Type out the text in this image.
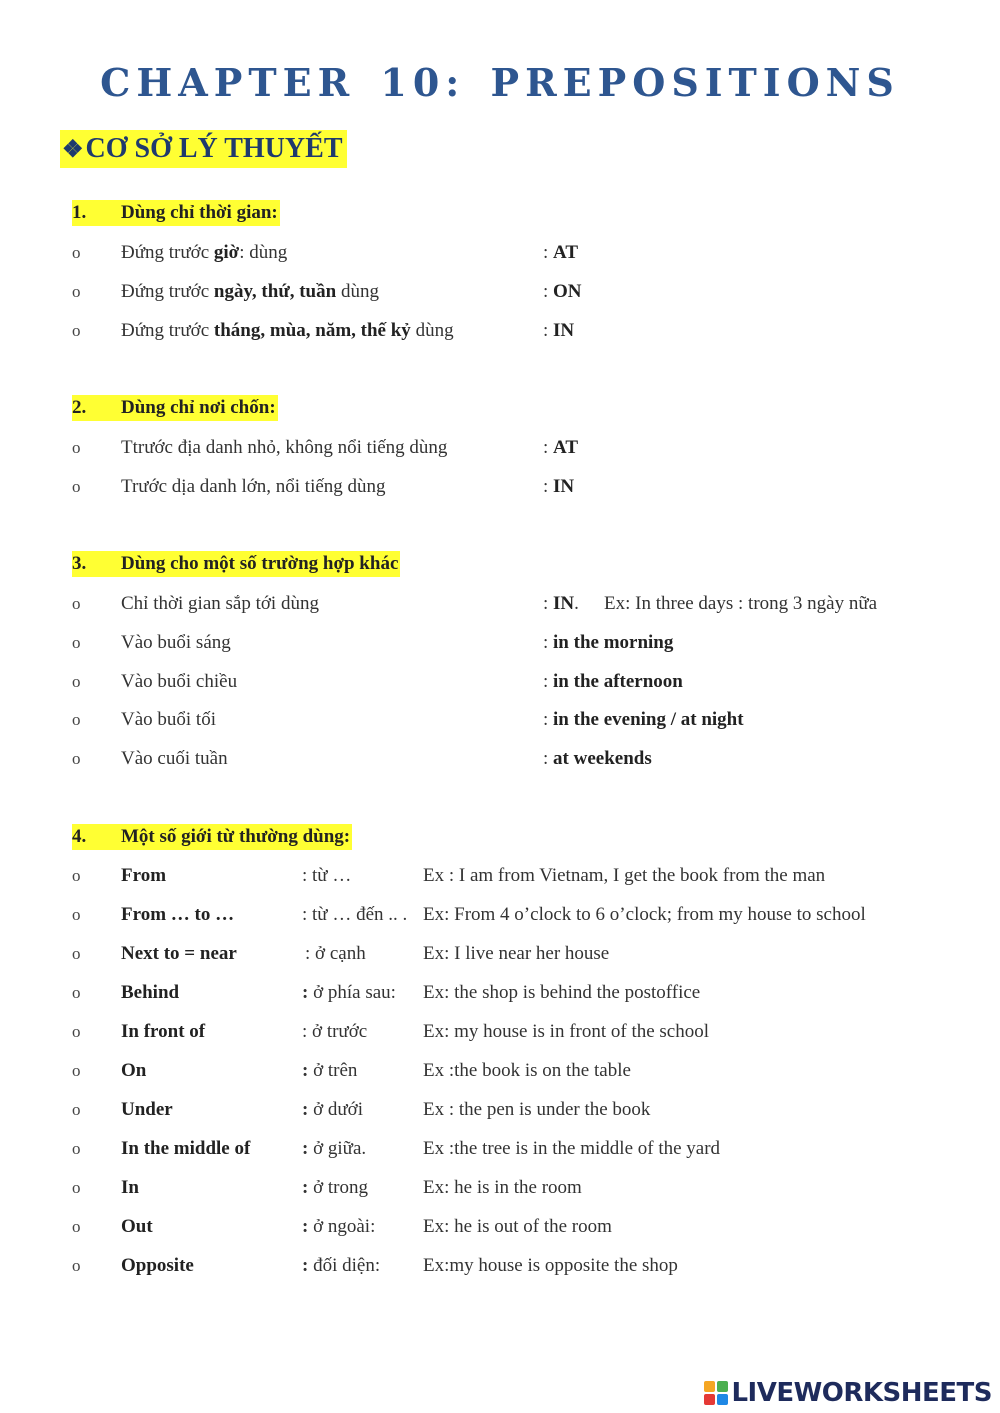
CHAPTER 10: PREPOSITIONS
❖CƠ SỞ LÝ THUYẾT
1. Dùng chỉ thời gian:
o Đứng trước giờ: dùng	: AT
o Đứng trước ngày, thứ, tuần dùng	: ON
o Đứng trước tháng, mùa, năm, thế kỷ dùng	: IN
2. Dùng chỉ nơi chốn:
o Ttrước địa danh nhỏ, không nổi tiếng dùng	: AT
o Trước dịa danh lớn, nổi tiếng dùng	: IN
3. Dùng cho một số trường hợp khác
o Chỉ thời gian sắp tới dùng	: IN. Ex: In three days : trong 3 ngày nữa
o Vào buổi sáng	: in the morning
o Vào buổi chiều	: in the afternoon
o Vào buổi tối	: in the evening / at night
o Vào cuối tuần	: at weekends
4. Một số giới từ thường dùng:
o From	: từ …	Ex : I am from Vietnam, I get the book from the man
o From … to …	: từ … đến .. . Ex: From 4 o’clock to 6 o’clock; from my house to school
o Next to = near	: ở cạnh	Ex: I live near her house
o Behind	: ở phía sau: Ex: the shop is behind the postoffice
o In front of	: ở trước	Ex: my house is in front of the school
o On	: ở trên	Ex :the book is on the table
o Under	: ở dưới	Ex : the pen is under the book
o In the middle of	: ở giữa.	Ex :the tree is in the middle of the yard
o In	: ở trong	Ex: he is in the room
o Out	: ở ngoài:	Ex: he is out of the room
o Opposite	: đối diện: Ex:my house is opposite the shop
LIVEWORKSHEETS
